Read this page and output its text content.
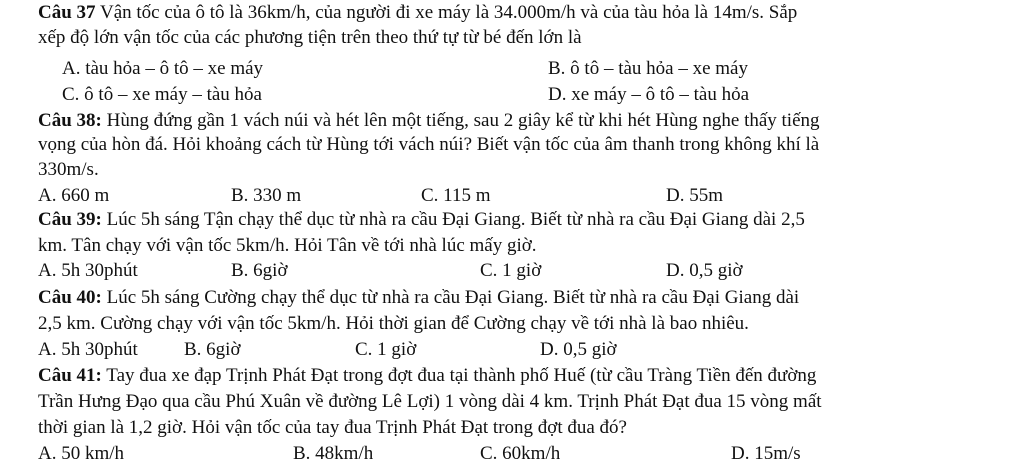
Câu 37 Vận tốc của ô tô là 36km/h, của người đi xe máy là 34.000m/h và của tàu hỏa là 14m/s. Sắp
xếp độ lớn vận tốc của các phương tiện trên theo thứ tự từ bé đến lớn là
A. tàu hỏa – ô tô – xe máy	B. ô tô – tàu hỏa – xe máy
C. ô tô – xe máy – tàu hỏa	D. xe máy – ô tô – tàu hỏa
Câu 38: Hùng đứng gần 1 vách núi và hét lên một tiếng, sau 2 giây kể từ khi hét Hùng nghe thấy tiếng
vọng của hòn đá. Hỏi khoảng cách từ Hùng tới vách núi? Biết vận tốc của âm thanh trong không khí là
330m/s.
A. 660 m	B. 330 m	C. 115 m	D. 55m
Câu 39: Lúc 5h sáng Tận chạy thể dục từ nhà ra cầu Đại Giang. Biết từ nhà ra cầu Đại Giang dài 2,5
km. Tân chạy với vận tốc 5km/h. Hỏi Tân về tới nhà lúc mấy giờ.
A. 5h 30phút	B. 6giờ	C. 1 giờ	D. 0,5 giờ
Câu 40: Lúc 5h sáng Cường chạy thể dục từ nhà ra cầu Đại Giang. Biết từ nhà ra cầu Đại Giang dài
2,5 km. Cường chạy với vận tốc 5km/h. Hỏi thời gian để Cường chạy về tới nhà là bao nhiêu.
A. 5h 30phút B. 6giờ	C. 1 giờ	D. 0,5 giờ
Câu 41: Tay đua xe đạp Trịnh Phát Đạt trong đợt đua tại thành phố Huế (từ cầu Tràng Tiền đến đường
Trần Hưng Đạo qua cầu Phú Xuân về đường Lê Lợi) 1 vòng dài 4 km. Trịnh Phát Đạt đua 15 vòng mất
thời gian là 1,2 giờ. Hỏi vận tốc của tay đua Trịnh Phát Đạt trong đợt đua đó?
A. 50 km/h	B. 48km/h	C. 60km/h	D. 15m/s
